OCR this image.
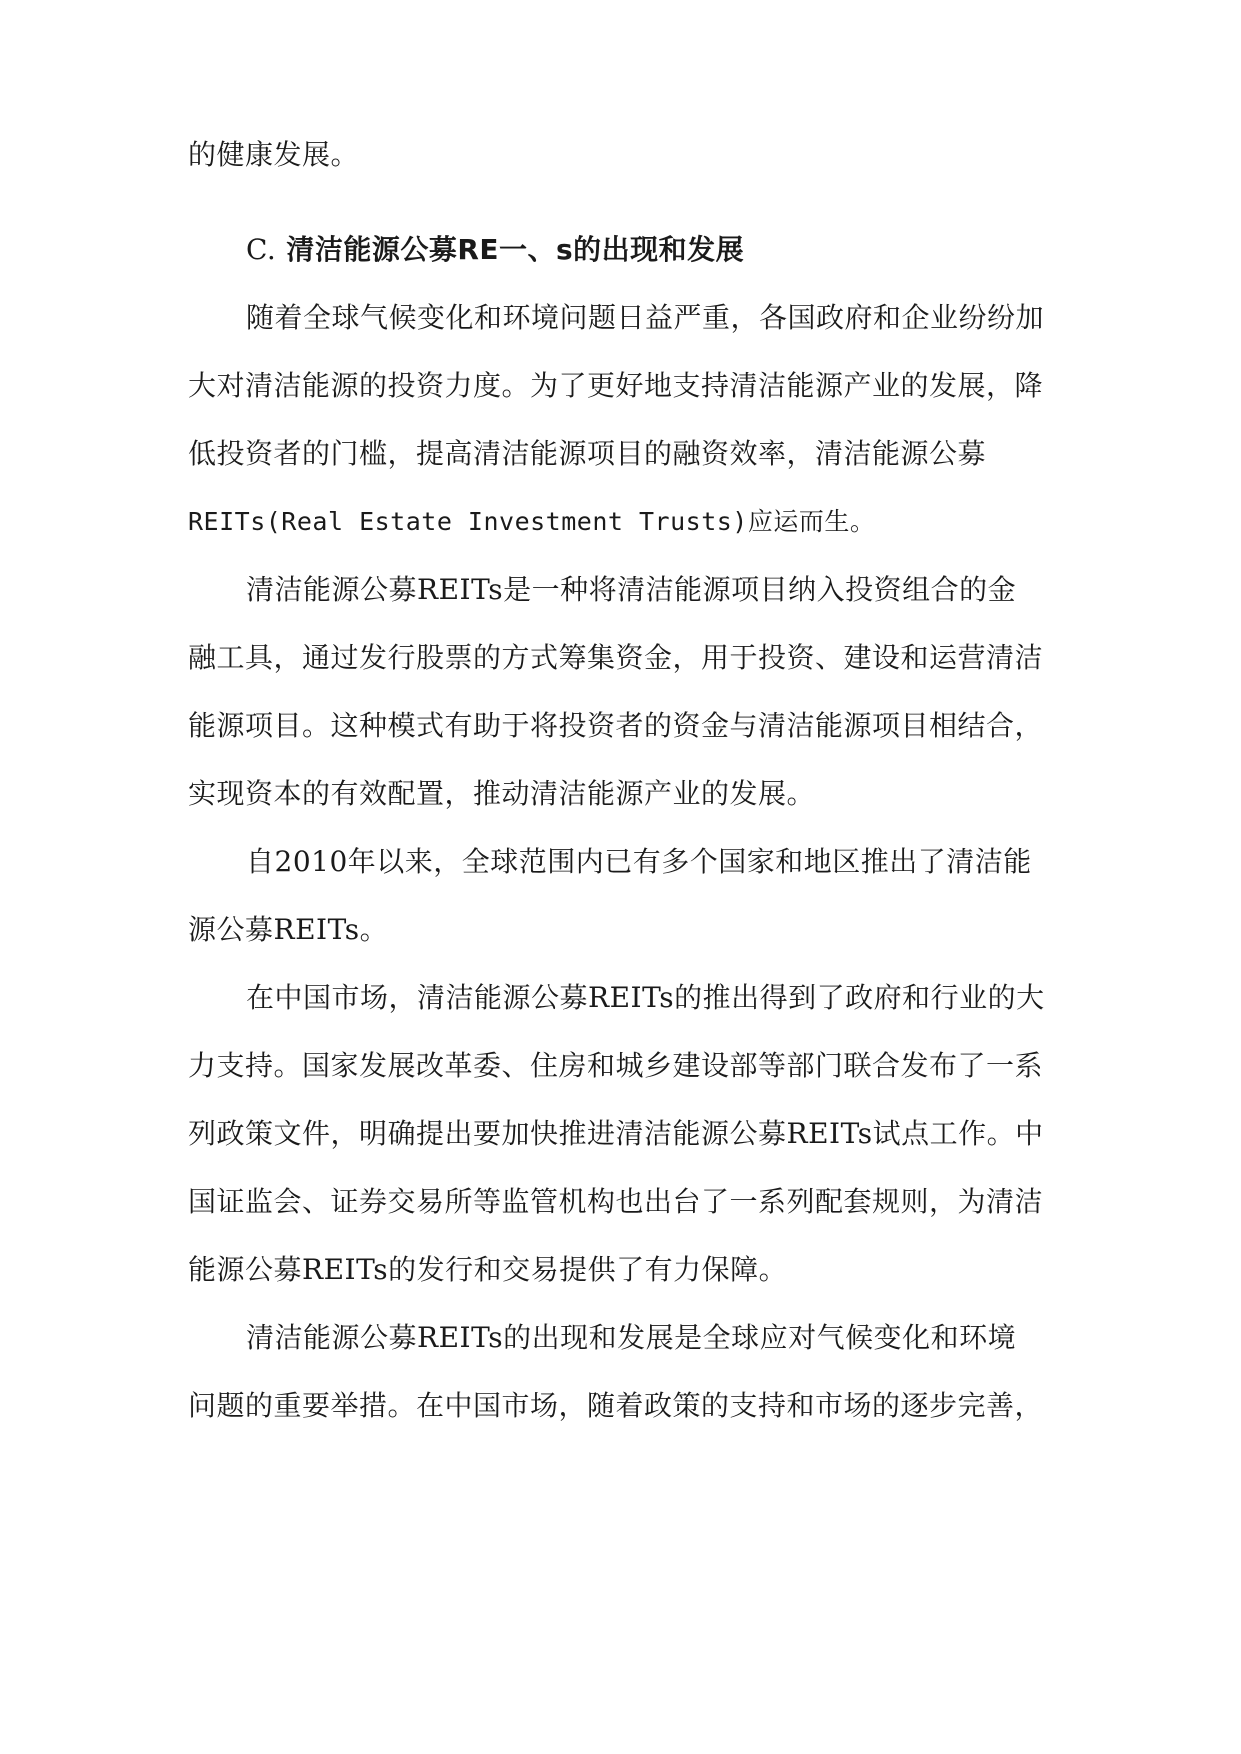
的健康发展。
C. 清洁能源公募RE一、s的出现和发展
随着全球气候变化和环境问题日益严重，各国政府和企业纷纷加
大对清洁能源的投资力度。为了更好地支持清洁能源产业的发展，降
低投资者的门槛，提高清洁能源项目的融资效率，清洁能源公募
REITs(Real Estate Investment Trusts)应运而生。
清洁能源公募REITs是一种将清洁能源项目纳入投资组合的金
融工具，通过发行股票的方式筹集资金，用于投资、建设和运营清洁
能源项目。这种模式有助于将投资者的资金与清洁能源项目相结合，
实现资本的有效配置，推动清洁能源产业的发展。
自2010年以来，全球范围内已有多个国家和地区推出了清洁能
源公募REITs。
在中国市场，清洁能源公募REITs的推出得到了政府和行业的大
力支持。国家发展改革委、住房和城乡建设部等部门联合发布了一系
列政策文件，明确提出要加快推进清洁能源公募REITs试点工作。中
国证监会、证券交易所等监管机构也出台了一系列配套规则，为清洁
能源公募REITs的发行和交易提供了有力保障。
清洁能源公募REITs的出现和发展是全球应对气候变化和环境
问题的重要举措。在中国市场，随着政策的支持和市场的逐步完善，
